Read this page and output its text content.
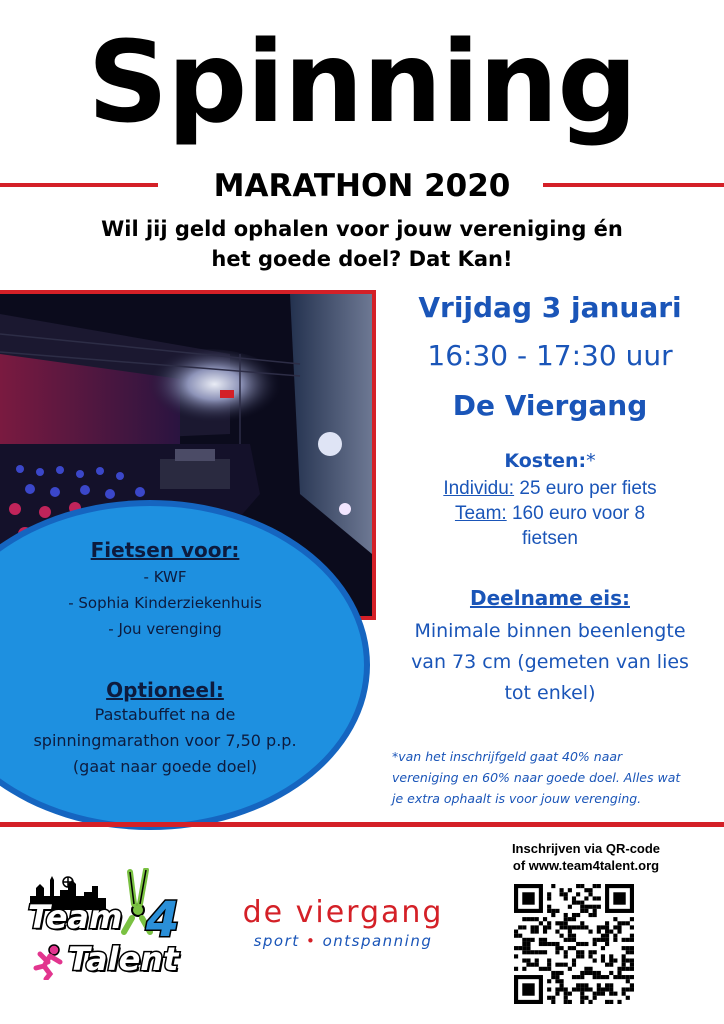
Spinning
MARATHON 2020
Wil jij geld ophalen voor jouw vereniging én
het goede doel? Dat Kan!
Fietsen voor:
- KWF
- Sophia Kinderziekenhuis
- Jou verenging
Optioneel:
Pastabuffet na de
spinningmarathon voor 7,50 p.p.
(gaat naar goede doel)
Vrijdag 3 januari
16:30 - 17:30 uur
De Viergang
Kosten:*
Individu: 25 euro per fiets
Team: 160 euro voor 8
fietsen
Deelname eis:
Minimale binnen beenlengte
van 73 cm (gemeten van lies
tot enkel)
*van het inschrijfgeld gaat 40% naar
vereniging en 60% naar goede doel. Alles wat
je extra ophaalt is voor jouw verenging.
Team 4
Talent
de viergang
sport • ontspanning
Inschrijven via QR-code
of www.team4talent.org
